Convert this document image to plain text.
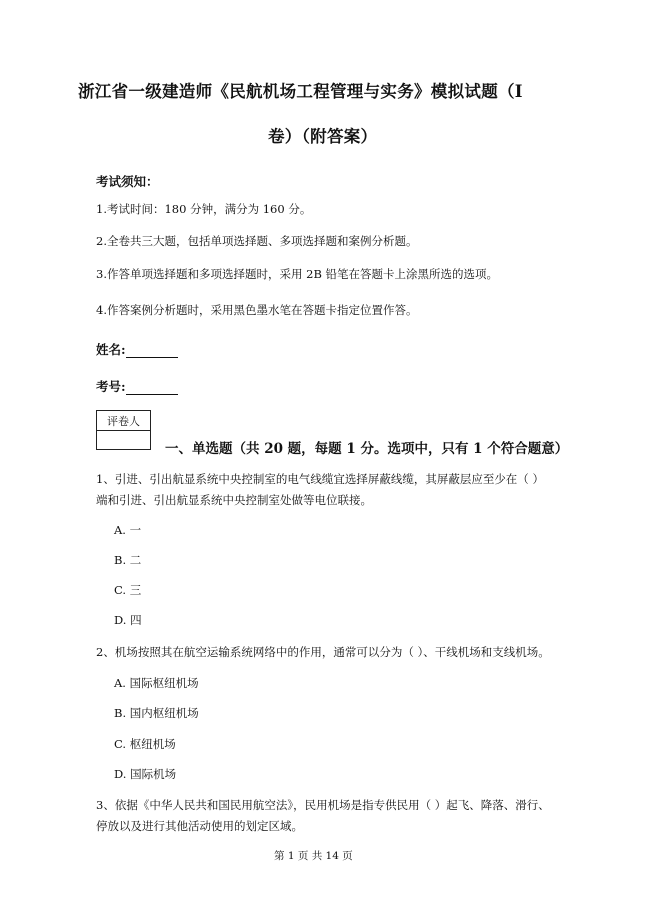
浙江省一级建造师《民航机场工程管理与实务》模拟试题（I
卷）（附答案）
考试须知：
1.考试时间：180 分钟，满分为 160 分。
2.全卷共三大题，包括单项选择题、多项选择题和案例分析题。
3.作答单项选择题和多项选择题时，采用 2B 铅笔在答题卡上涂黑所选的选项。
4.作答案例分析题时，采用黑色墨水笔在答题卡指定位置作答。
姓名:
考号:
评卷人
一、单选题（共 20 题，每题 1 分。选项中，只有 1 个符合题意）
1、引进、引出航显系统中央控制室的电气线缆宜选择屏蔽线缆，其屏蔽层应至少在（ ）
端和引进、引出航显系统中央控制室处做等电位联接。
A. 一
B. 二
C. 三
D. 四
2、机场按照其在航空运输系统网络中的作用，通常可以分为（ ）、干线机场和支线机场。
A. 国际枢纽机场
B. 国内枢纽机场
C. 枢纽机场
D. 国际机场
3、依据《中华人民共和国民用航空法》，民用机场是指专供民用（ ）起飞、降落、滑行、
停放以及进行其他活动使用的划定区域。
第 1 页 共 14 页
